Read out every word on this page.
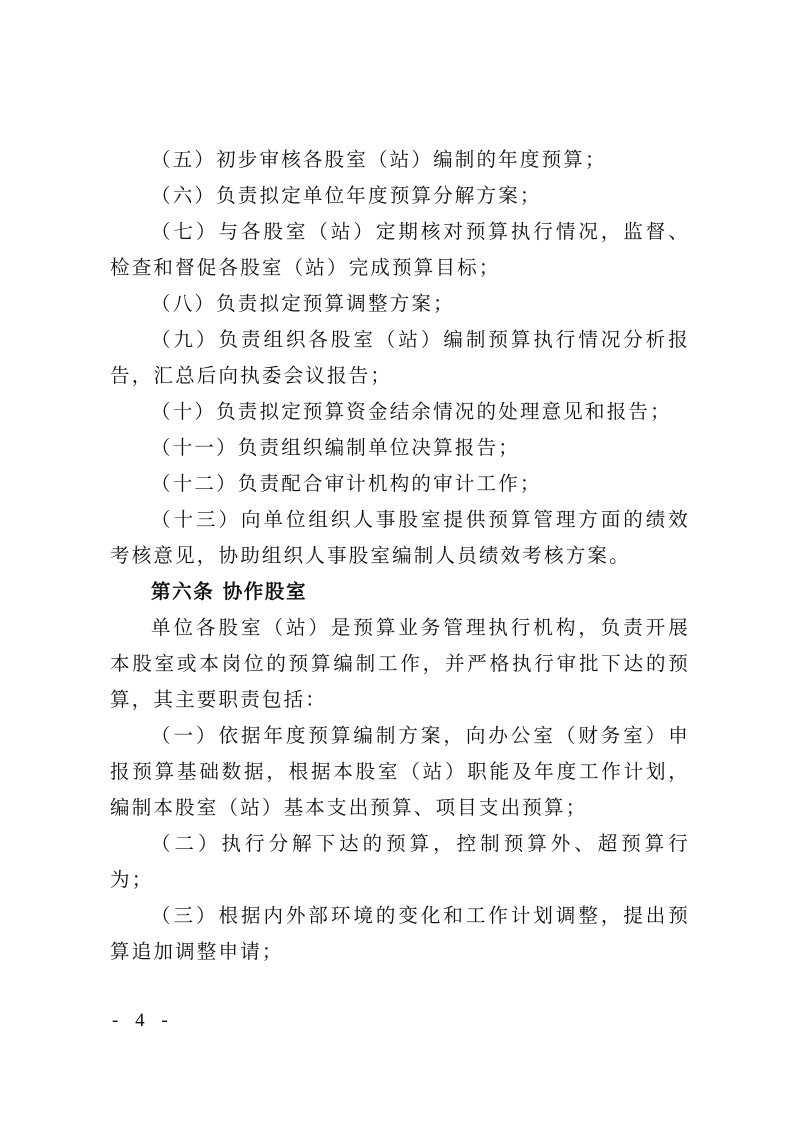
（五）初步审核各股室（站）编制的年度预算；

（六）负责拟定单位年度预算分解方案；

（七）与各股室（站）定期核对预算执行情况，监督、检查和督促各股室（站）完成预算目标；

（八）负责拟定预算调整方案；

（九）负责组织各股室（站）编制预算执行情况分析报告，汇总后向执委会议报告；

（十）负责拟定预算资金结余情况的处理意见和报告；

（十一）负责组织编制单位决算报告；

（十二）负责配合审计机构的审计工作；

（十三）向单位组织人事股室提供预算管理方面的绩效考核意见，协助组织人事股室编制人员绩效考核方案。

第六条 协作股室

单位各股室（站）是预算业务管理执行机构，负责开展本股室或本岗位的预算编制工作，并严格执行审批下达的预算，其主要职责包括：

（一）依据年度预算编制方案，向办公室（财务室）申报预算基础数据，根据本股室（站）职能及年度工作计划，编制本股室（站）基本支出预算、项目支出预算；

（二）执行分解下达的预算，控制预算外、超预算行为；

（三）根据内外部环境的变化和工作计划调整，提出预算追加调整申请；

- 4 -
